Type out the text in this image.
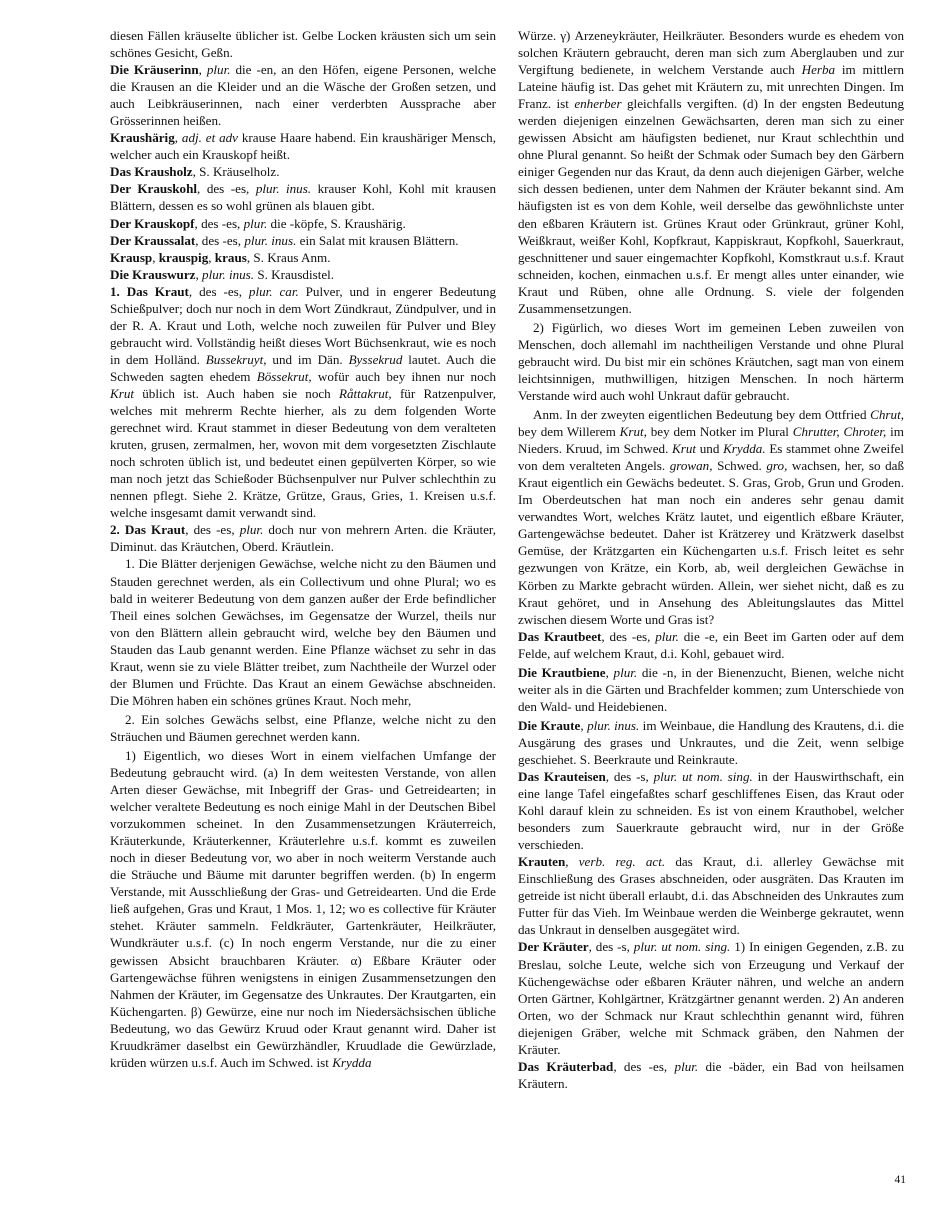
diesen Fällen kräuselte üblicher ist. Gelbe Locken kräusten sich um sein schönes Gesicht, Geßn.

Die Kräuserinn, plur. die -en, an den Höfen, eigene Personen, welche die Krausen an die Kleider und an die Wäsche der Großen setzen, und auch Leibkräuserinnen, nach einer verderbten Aussprache aber Grösserinnen heißen.

Kraushärig, adj. et adv krause Haare habend. Ein kraushäriger Mensch, welcher auch ein Krauskopf heißt.

Das Krausholz, S. Kräuselholz.

Der Krauskohl, des -es, plur. inus. krauser Kohl, Kohl mit krausen Blättern, dessen es so wohl grünen als blauen gibt.

Der Krauskopf, des -es, plur. die -köpfe, S. Kraushärig.

Der Kraussalat, des -es, plur. inus. ein Salat mit krausen Blättern.

Krausp, krauspig, kraus, S. Kraus Anm.

Die Krauswurz, plur. inus. S. Krausdistel.

1. Das Kraut, des -es, plur. car. Pulver, und in engerer Bedeutung Schießpulver; doch nur noch in dem Wort Zündkraut, Zündpulver, und in der R. A. Kraut und Loth, welche noch zuweilen für Pulver und Bley gebraucht wird. Vollständig heißt dieses Wort Büchsenkraut, wie es noch in dem Holländ. Bussekruyt, und im Dän. Byssekrud lautet. Auch die Schweden sagten ehedem Bössekrut, wofür auch bey ihnen nur noch Krut üblich ist. Auch haben sie noch Råttakrut, für Ratzenpulver, welches mit mehrerm Rechte hierher, als zu dem folgenden Worte gerechnet wird. Kraut stammet in dieser Bedeutung von dem veralteten kruten, grusen, zermalmen, her, wovon mit dem vorgesetzten Zischlaute noch schroten üblich ist, und bedeutet einen gepülverten Körper, so wie man noch jetzt das Schießoder Büchsenpulver nur Pulver schlechthin zu nennen pflegt. Siehe 2. Krätze, Grütze, Graus, Gries, 1. Kreisen u.s.f. welche insgesamt damit verwandt sind.

2. Das Kraut, des -es, plur. doch nur von mehrern Arten. die Kräuter, Diminut. das Kräutchen, Oberd. Kräutlein.

1. Die Blätter derjenigen Gewächse, welche nicht zu den Bäumen und Stauden gerechnet werden, als ein Collectivum und ohne Plural; wo es bald in weiterer Bedeutung von dem ganzen außer der Erde befindlicher Theil eines solchen Gewächses, im Gegensatze der Wurzel, theils nur von den Blättern allein gebraucht wird, welche bey den Bäumen und Stauden das Laub genannt werden. Eine Pflanze wächset zu sehr in das Kraut, wenn sie zu viele Blätter treibet, zum Nachtheile der Wurzel oder der Blumen und Früchte. Das Kraut an einem Gewächse abschneiden. Die Möhren haben ein schönes grünes Kraut. Noch mehr,

2. Ein solches Gewächs selbst, eine Pflanze, welche nicht zu den Sträuchen und Bäumen gerechnet werden kann.

1) Eigentlich, wo dieses Wort in einem vielfachen Umfange der Bedeutung gebraucht wird. (a) In dem weitesten Verstande, von allen Arten dieser Gewächse, mit Inbegriff der Gras- und Getreidearten; in welcher veraltete Bedeutung es noch einige Mahl in der Deutschen Bibel vorzukommen scheinet. In den Zusammensetzungen Kräuterreich, Kräuterkunde, Kräuterkenner, Kräuterlehre u.s.f. kommt es zuweilen noch in dieser Bedeutung vor, wo aber in noch weiterm Verstande auch die Sträuche und Bäume mit darunter begriffen werden. (b) In engerm Verstande, mit Ausschließung der Gras- und Getreidearten. Und die Erde ließ aufgehen, Gras und Kraut, 1 Mos. 1, 12; wo es collective für Kräuter stehet. Kräuter sammeln. Feldkräuter, Gartenkräuter, Heilkräuter, Wundkräuter u.s.f. (c) In noch engerm Verstande, nur die zu einer gewissen Absicht brauchbaren Kräuter. α) Eßbare Kräuter oder Gartengewächse führen wenigstens in einigen Zusammensetzungen den Nahmen der Kräuter, im Gegensatze des Unkrautes. Der Krautgarten, ein Küchengarten. β) Gewürze, eine nur noch im Niedersächsischen übliche Bedeutung, wo das Gewürz Kruud oder Kraut genannt wird. Daher ist Kruudkrämer daselbst ein Gewürzhändler, Kruudlade die Gewürzlade, krüden würzen u.s.f. Auch im Schwed. ist Krydda

Würze. γ) Arzeneykräuter, Heilkräuter. Besonders wurde es ehedem von solchen Kräutern gebraucht, deren man sich zum Aberglauben und zur Vergiftung bedienete, in welchem Verstande auch Herba im mittlern Lateine häufig ist. Das gehet mit Kräutern zu, mit unrechten Dingen. Im Franz. ist enherber gleichfalls vergiften. (d) In der engsten Bedeutung werden diejenigen einzelnen Gewächsarten, deren man sich zu einer gewissen Absicht am häufigsten bedienet, nur Kraut schlechthin und ohne Plural genannt. So heißt der Schmak oder Sumach bey den Gärbern einiger Gegenden nur das Kraut, da denn auch diejenigen Gärber, welche sich dessen bedienen, unter dem Nahmen der Kräuter bekannt sind. Am häufigsten ist es von dem Kohle, weil derselbe das gewöhnlichste unter den eßbaren Kräutern ist. Grünes Kraut oder Grünkraut, grüner Kohl, Weißkraut, weißer Kohl, Kopfkraut, Kappiskraut, Kopfkohl, Sauerkraut, geschnittener und sauer eingemachter Kopfkohl, Komstkraut u.s.f. Kraut schneiden, kochen, einmachen u.s.f. Er mengt alles unter einander, wie Kraut und Rüben, ohne alle Ordnung. S. viele der folgenden Zusammensetzungen.

2) Figürlich, wo dieses Wort im gemeinen Leben zuweilen von Menschen, doch allemahl im nachtheiligen Verstande und ohne Plural gebraucht wird. Du bist mir ein schönes Kräutchen, sagt man von einem leichtsinnigen, muthwilligen, hitzigen Menschen. In noch härterm Verstande wird auch wohl Unkraut dafür gebraucht.

Anm. In der zweyten eigentlichen Bedeutung bey dem Ottfried Chrut, bey dem Willerem Krut, bey dem Notker im Plural Chrutter, Chroter, im Nieders. Kruud, im Schwed. Krut und Krydda. Es stammet ohne Zweifel von dem veralteten Angels. growan, Schwed. gro, wachsen, her, so daß Kraut eigentlich ein Gewächs bedeutet. S. Gras, Grob, Grun und Groden. Im Oberdeutschen hat man noch ein anderes sehr genau damit verwandtes Wort, welches Krätz lautet, und eigentlich eßbare Kräuter, Gartengewächse bedeutet. Daher ist Krätzerey und Krätzwerk daselbst Gemüse, der Krätzgarten ein Küchengarten u.s.f. Frisch leitet es sehr gezwungen von Krätze, ein Korb, ab, weil dergleichen Gewächse in Körben zu Markte gebracht würden. Allein, wer siehet nicht, daß es zu Kraut gehöret, und in Ansehung des Ableitungslautes das Mittel zwischen diesem Worte und Gras ist?

Das Krautbeet, des -es, plur. die -e, ein Beet im Garten oder auf dem Felde, auf welchem Kraut, d.i. Kohl, gebauet wird.

Die Krautbiene, plur. die -n, in der Bienenzucht, Bienen, welche nicht weiter als in die Gärten und Brachfelder kommen; zum Unterschiede von den Wald- und Heidebienen.

Die Kraute, plur. inus. im Weinbaue, die Handlung des Krautens, d.i. die Ausgärung des grases und Unkrautes, und die Zeit, wenn selbige geschiehet. S. Beerkraute und Reinkraute.

Das Krauteisen, des -s, plur. ut nom. sing. in der Hauswirthschaft, ein eine lange Tafel eingefaßtes scharf geschliffenes Eisen, das Kraut oder Kohl darauf klein zu schneiden. Es ist von einem Krauthobel, welcher besonders zum Sauerkraute gebraucht wird, nur in der Größe verschieden.

Krauten, verb. reg. act. das Kraut, d.i. allerley Gewächse mit Einschließung des Grases abschneiden, oder ausgräten. Das Krauten im getreide ist nicht überall erlaubt, d.i. das Abschneiden des Unkrautes zum Futter für das Vieh. Im Weinbaue werden die Weinberge gekrautet, wenn das Unkraut in denselben ausgegätet wird.

Der Kräuter, des -s, plur. ut nom. sing. 1) In einigen Gegenden, z.B. zu Breslau, solche Leute, welche sich von Erzeugung und Verkauf der Küchengewächse oder eßbaren Kräuter nähren, und welche an andern Orten Gärtner, Kohlgärtner, Krätzgärtner genannt werden. 2) An anderen Orten, wo der Schmack nur Kraut schlechthin genannt wird, führen diejenigen Gräber, welche mit Schmack gräben, den Nahmen der Kräuter.

Das Kräuterbad, des -es, plur. die -bäder, ein Bad von heilsamen Kräutern.

41
